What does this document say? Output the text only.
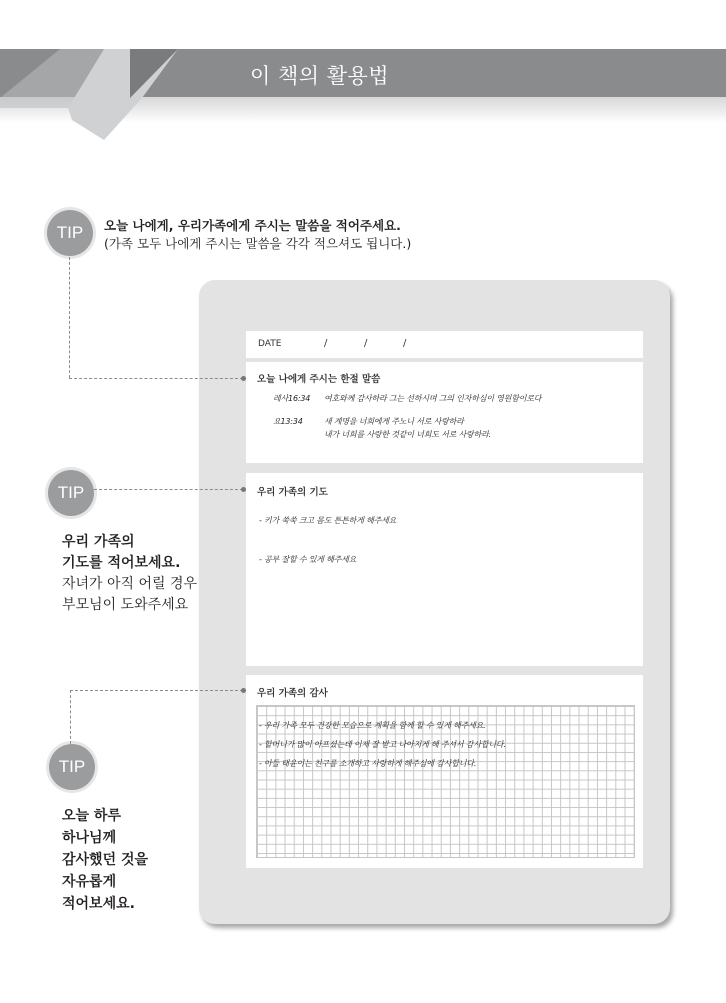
이 책의 활용법
TIP	오늘 나에게, 우리가족에게 주시는 말씀을 적어주세요.
(가족 모두 나에게 주시는 말씀을 각각 적으셔도 됩니다.)
TIP
우리 가족의
기도를 적어보세요.
자녀가 아직 어릴 경우
부모님이 도와주세요
TIP
오늘 하루
하나님께
감사했던 것을
자유롭게
적어보세요.
DATE	/	/	/
오늘 나에게 주시는 한절 말씀
레사16:34 여호와께 감사하라 그는 선하시며 그의 인자하심이 영원함이로다
요13:34	새 계명을 너희에게 주노니 서로 사랑하라
내가 너희를 사랑한 것같이 너희도 서로 사랑하라.
우리 가족의 기도
- 키가 쑥쑥 크고 몸도 튼튼하게 해주세요
- 공부 잘할 수 있게 해주세요
우리 가족의 감사
- 우리 가족 모두 건강한 모습으로 계획을 함께 할 수 있게 해주세요.
- 할머니가 많이 아프셨는데 이제 잘 받고 나아지게 해 주셔서 감사합니다.
- 아들 태윤이는 친구를 소개하고 사랑하게 해주심에 감사합니다.
